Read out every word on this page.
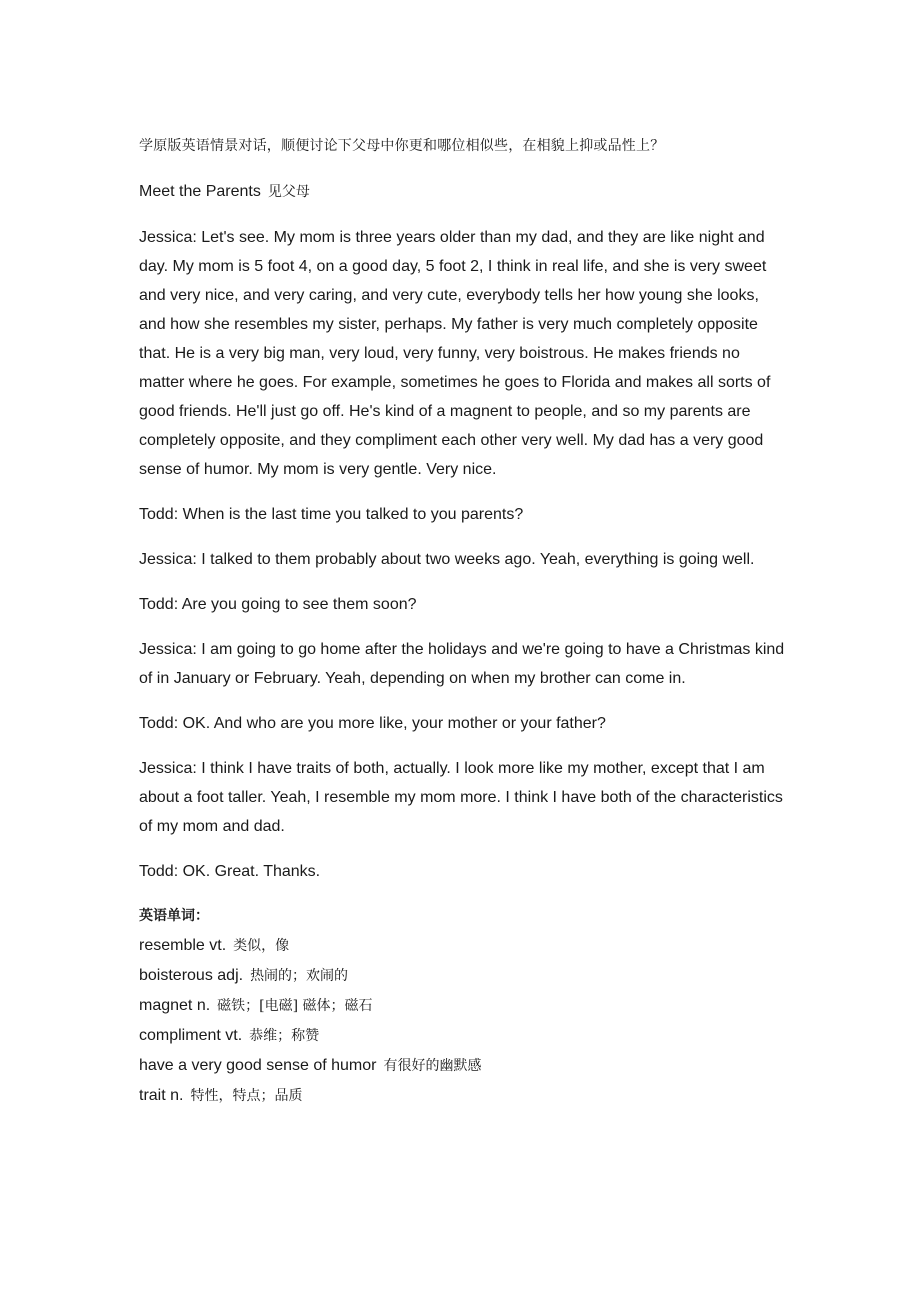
学原版英语情景对话，顺便讨论下父母中你更和哪位相似些，在相貌上抑或品性上？

Meet the Parents 见父母

Jessica: Let's see. My mom is three years older than my dad, and they are like night and day. My mom is 5 foot 4, on a good day, 5 foot 2, I think in real life, and she is very sweet and very nice, and very caring, and very cute, everybody tells her how young she looks, and how she resembles my sister, perhaps. My father is very much completely opposite that. He is a very big man, very loud, very funny, very boistrous. He makes friends no matter where he goes. For example, sometimes he goes to Florida and makes all sorts of good friends. He'll just go off. He's kind of a magnent to people, and so my parents are completely opposite, and they compliment each other very well. My dad has a very good sense of humor. My mom is very gentle. Very nice.

Todd: When is the last time you talked to you parents?

Jessica: I talked to them probably about two weeks ago. Yeah, everything is going well.

Todd: Are you going to see them soon?

Jessica: I am going to go home after the holidays and we're going to have a Christmas kind of in January or February. Yeah, depending on when my brother can come in.

Todd: OK. And who are you more like, your mother or your father?

Jessica: I think I have traits of both, actually. I look more like my mother, except that I am about a foot taller. Yeah, I resemble my mom more. I think I have both of the characteristics of my mom and dad.

Todd: OK. Great. Thanks.

英语单词：
resemble vt. 类似，像
boisterous adj. 热闹的；欢闹的
magnet n. 磁铁；[电磁] 磁体；磁石
compliment vt. 恭维；称赞
have a very good sense of humor 有很好的幽默感
trait n. 特性，特点；品质
